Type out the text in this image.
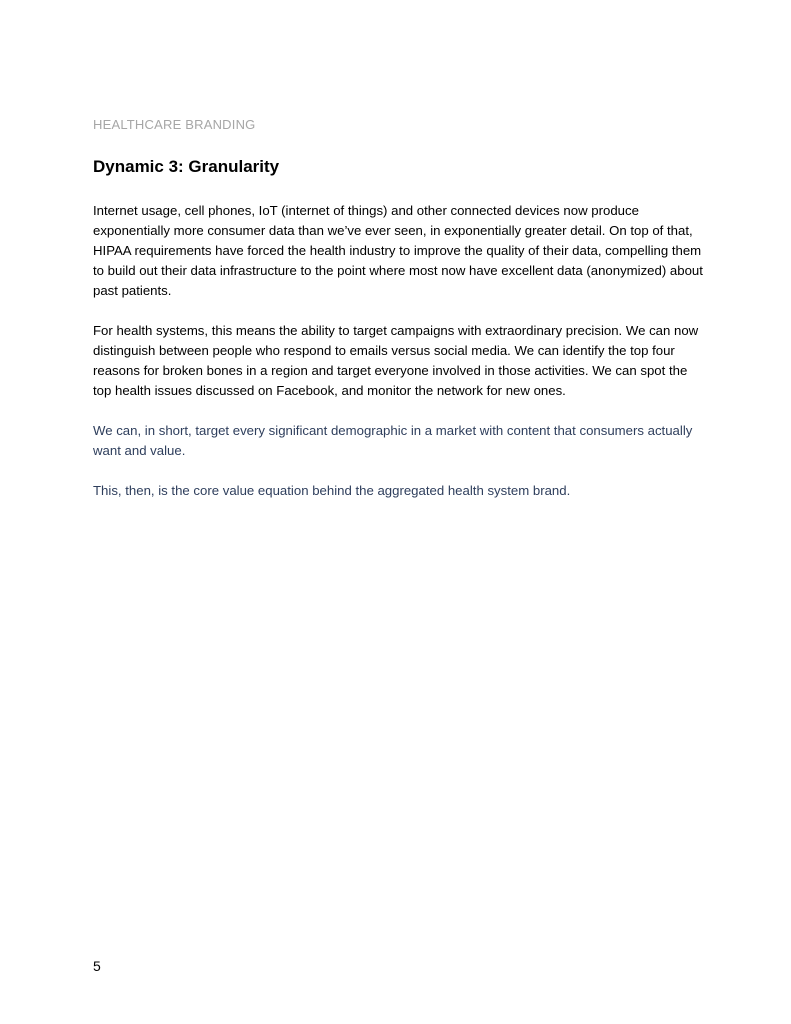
HEALTHCARE BRANDING
Dynamic 3: Granularity

Internet usage, cell phones, IoT (internet of things) and other connected devices now produce exponentially more consumer data than we’ve ever seen, in exponentially greater detail. On top of that, HIPAA requirements have forced the health industry to improve the quality of their data, compelling them to build out their data infrastructure to the point where most now have excellent data (anonymized) about past patients.

For health systems, this means the ability to target campaigns with extraordinary precision. We can now distinguish between people who respond to emails versus social media. We can identify the top four reasons for broken bones in a region and target everyone involved in those activities. We can spot the top health issues discussed on Facebook, and monitor the network for new ones.

We can, in short, target every significant demographic in a market with content that consumers actually want and value.

This, then, is the core value equation behind the aggregated health system brand.

5
